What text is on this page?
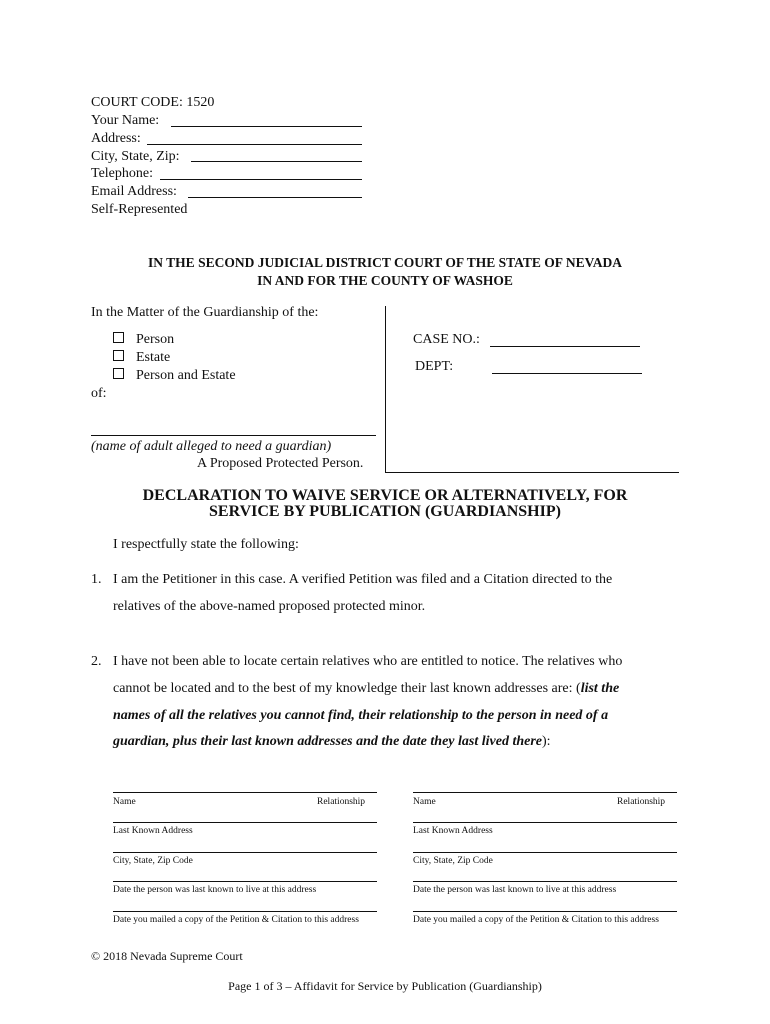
COURT CODE: 1520
Your Name:
Address:
City, State, Zip:
Telephone:
Email Address:
Self-Represented
IN THE SECOND JUDICIAL DISTRICT COURT OF THE STATE OF NEVADA
IN AND FOR THE COUNTY OF WASHOE
In the Matter of the Guardianship of the:
Person
Estate
Person and Estate
of:
(name of adult alleged to need a guardian)
A Proposed Protected Person.
CASE NO.:
DEPT:
DECLARATION TO WAIVE SERVICE OR ALTERNATIVELY, FOR
SERVICE BY PUBLICATION (GUARDIANSHIP)
I respectfully state the following:
1. I am the Petitioner in this case. A verified Petition was filed and a Citation directed to the
relatives of the above-named proposed protected minor.
2. I have not been able to locate certain relatives who are entitled to notice. The relatives who
cannot be located and to the best of my knowledge their last known addresses are: (list the
names of all the relatives you cannot find, their relationship to the person in need of a
guardian, plus their last known addresses and the date they last lived there):
Name	Relationship
Last Known Address
City, State, Zip Code
Date the person was last known to live at this address
Date you mailed a copy of the Petition & Citation to this address
Name	Relationship
Last Known Address
City, State, Zip Code
Date the person was last known to live at this address
Date you mailed a copy of the Petition & Citation to this address
© 2018 Nevada Supreme Court
Page 1 of 3 – Affidavit for Service by Publication (Guardianship)
